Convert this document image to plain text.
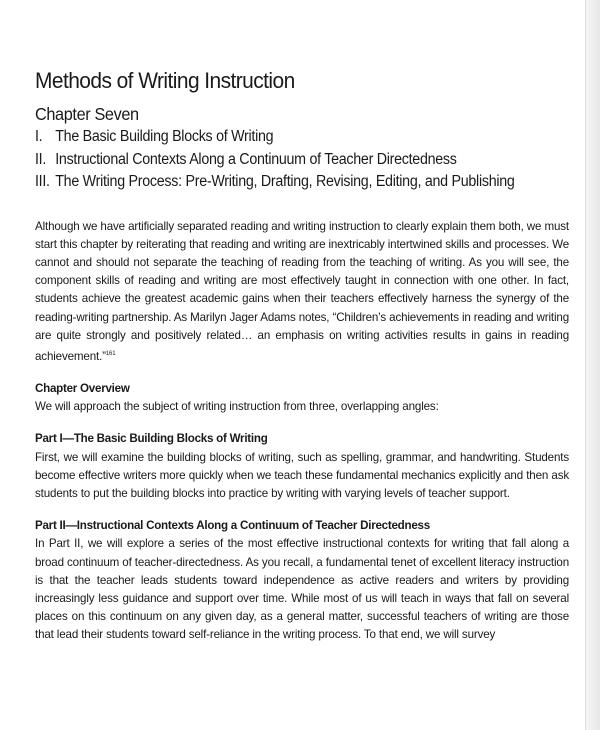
Methods of Writing Instruction
Chapter Seven
I. The Basic Building Blocks of Writing
II. Instructional Contexts Along a Continuum of Teacher Directedness
III. The Writing Process: Pre-Writing, Drafting, Revising, Editing, and Publishing

Although we have artificially separated reading and writing instruction to clearly explain them both, we must start this chapter by reiterating that reading and writing are inextricably intertwined skills and processes. We cannot and should not separate the teaching of reading from the teaching of writing. As you will see, the component skills of reading and writing are most effectively taught in connection with one other. In fact, students achieve the greatest academic gains when their teachers effectively harness the synergy of the reading-writing partnership. As Marilyn Jager Adams notes, “Children’s achievements in reading and writing are quite strongly and positively related… an emphasis on writing activities results in gains in reading achievement.”$^{161}$

Chapter Overview

We will approach the subject of writing instruction from three, overlapping angles:

Part I—The Basic Building Blocks of Writing

First, we will examine the building blocks of writing, such as spelling, grammar, and handwriting. Students become effective writers more quickly when we teach these fundamental mechanics explicitly and then ask students to put the building blocks into practice by writing with varying levels of teacher support.

Part II—Instructional Contexts Along a Continuum of Teacher Directedness

In Part II, we will explore a series of the most effective instructional contexts for writing that fall along a broad continuum of teacher-directedness. As you recall, a fundamental tenet of excellent literacy instruction is that the teacher leads students toward independence as active readers and writers by providing increasingly less guidance and support over time. While most of us will teach in ways that fall on several places on this continuum on any given day, as a general matter, successful teachers of writing are those that lead their students toward self-reliance in the writing process. To that end, we will survey
